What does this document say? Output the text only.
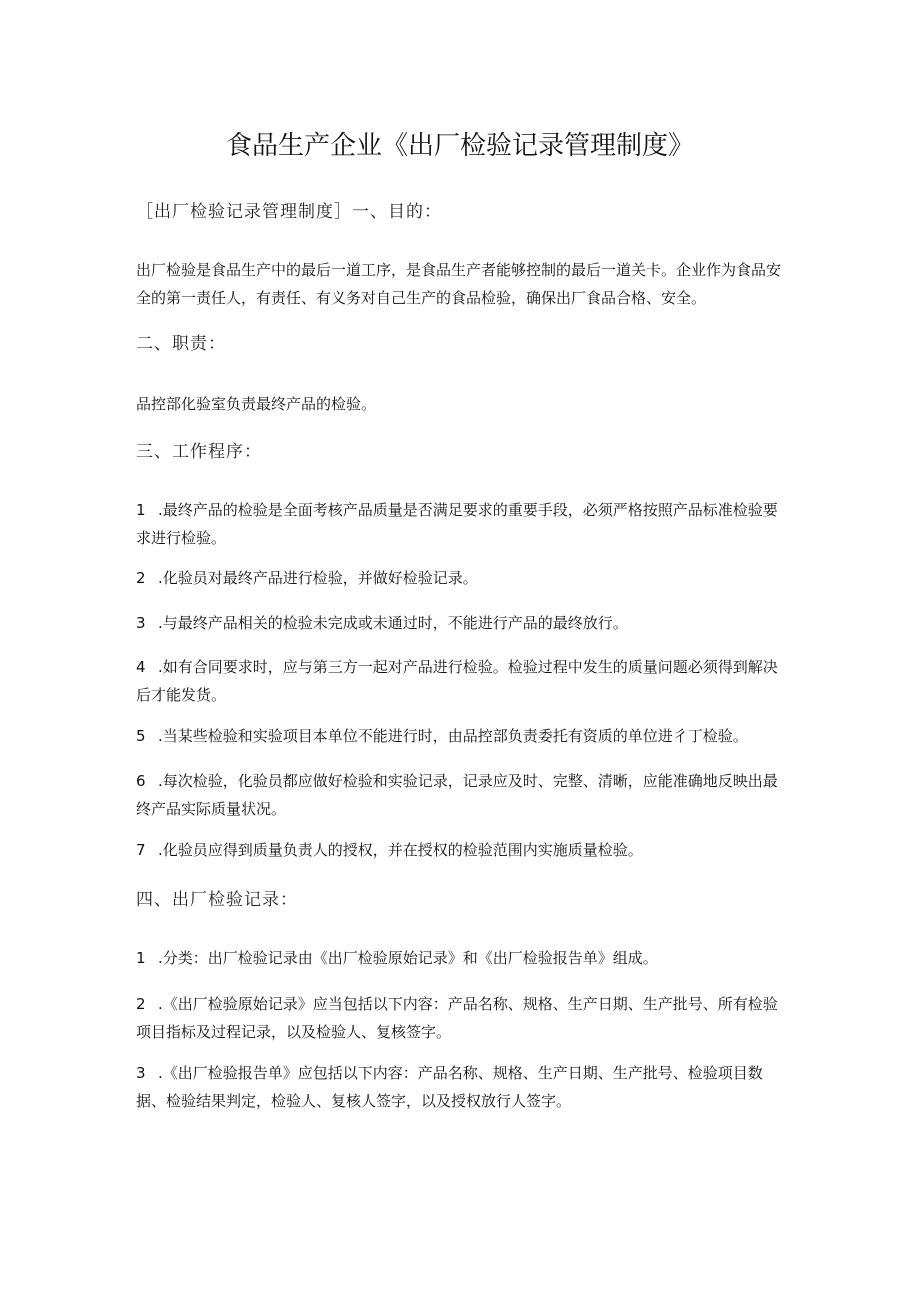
食品生产企业《出厂检验记录管理制度》

［出厂检验记录管理制度］一、目的：

出厂检验是食品生产中的最后一道工序，是食品生产者能够控制的最后一道关卡。企业作为食品安全的第一责任人，有责任、有义务对自己生产的食品检验，确保出厂食品合格、安全。

二、职责：

品控部化验室负责最终产品的检验。

三、工作程序：

1 .最终产品的检验是全面考核产品质量是否满足要求的重要手段，必须严格按照产品标准检验要求进行检验。

2 .化验员对最终产品进行检验，并做好检验记录。

3 .与最终产品相关的检验未完成或未通过时，不能进行产品的最终放行。

4 .如有合同要求时，应与第三方一起对产品进行检验。检验过程中发生的质量问题必须得到解决后才能发货。

5 .当某些检验和实验项目本单位不能进行时，由品控部负责委托有资质的单位进彳丁检验。

6 .每次检验，化验员都应做好检验和实验记录，记录应及时、完整、清晰，应能准确地反映出最终产品实际质量状况。

7 .化验员应得到质量负责人的授权，并在授权的检验范围内实施质量检验。

四、出厂检验记录：

1 .分类：出厂检验记录由《出厂检验原始记录》和《出厂检验报告单》组成。

2 .《出厂检验原始记录》应当包括以下内容：产品名称、规格、生产日期、生产批号、所有检验项目指标及过程记录，以及检验人、复核签字。

3 .《出厂检验报告单》应包括以下内容：产品名称、规格、生产日期、生产批号、检验项目数据、检验结果判定，检验人、复核人签字，以及授权放行人签字。
